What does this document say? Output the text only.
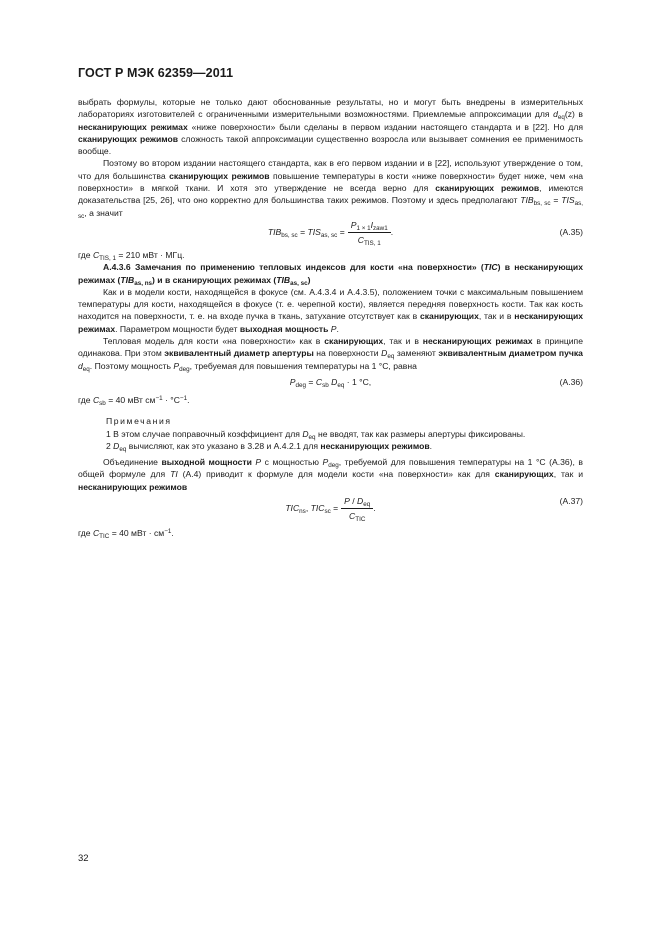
ГОСТ Р МЭК 62359—2011

выбрать формулы, которые не только дают обоснованные результаты, но и могут быть внедрены в измерительных лабораториях изготовителей с ограниченными измерительными возможностями. Приемлемые аппроксимации для $d_{eq}(z)$ в несканирующих режимах «ниже поверхности» были сделаны в первом издании настоящего стандарта и в [22]. Но для сканирующих режимов сложность такой аппроксимации существенно возросла или вызывает сомнения ее применимость вообще.

Поэтому во втором издании настоящего стандарта, как в его первом издании и в [22], используют утверждение о том, что для большинства сканирующих режимов повышение температуры в кости «ниже поверхности» будет ниже, чем «на поверхности» в мягкой ткани. И хотя это утверждение не всегда верно для сканирующих режимов, имеются доказательства [25, 26], что оно корректно для большинства таких режимов. Поэтому и здесь предполагают $TIB_{bs, sc} = TIS_{as, sc}$, а значит

$TIB_{bs, sc} = TIS_{as, sc} = \frac{P_{1 \times 1}I_{zaw1}}{C_{TIS, 1}}$ .	(А.35)

где $C_{TIS, 1} = 210$ мВт · МГц.

А.4.3.6 Замечания по применению тепловых индексов для кости «на поверхности» (TIC) в несканирующих режимах $(TIB_{as, ns})$ и в сканирующих режимах $(TIB_{as, sc})$

Как и в модели кости, находящейся в фокусе (см. А.4.3.4 и А.4.3.5), положением точки с максимальным повышением температуры для кости, находящейся в фокусе (т. е. черепной кости), является передняя поверхность кости. Так как кость находится на поверхности, т. е. на входе пучка в ткань, затухание отсутствует как в сканирующих, так и в несканирующих режимах. Параметром мощности будет выходная мощность P.

Тепловая модель для кости «на поверхности» как в сканирующих, так и в несканирующих режимах в принципе одинакова. При этом эквивалентный диаметр апертуры на поверхности $D_{eq}$ заменяют эквивалентным диаметром пучка $d_{eq}$. Поэтому мощность $P_{deg}$, требуемая для повышения температуры на 1 °С, равна

$P_{deg} = C_{sb}$ $D_{eq} \cdot 1$ °С,	(А.36)

где $C_{sb} = 40$ мВт $см^{-1} \cdot ^\circ С^{-1}$.

Примечания

1 В этом случае поправочный коэффициент для $D_{eq}$ не вводят, так как размеры апертуры фиксированы.

2 $D_{eq}$ вычисляют, как это указано в 3.28 и А.4.2.1 для несканирующих режимов.

Объединение выходной мощности P с мощностью $P_{deg}$, требуемой для повышения температуры на 1 °С (А.36), в общей формуле для TI (А.4) приводит к формуле для модели кости «на поверхности» как для сканирующих, так и несканирующих режимов

$TIC_{ns}$, $TIC_{sc} = \frac{P / D_{eq}}{C_{TIC}}$ .
(А.37)

где $C_{TIC} = 40$ мВт · $см^{-1}$.

32
